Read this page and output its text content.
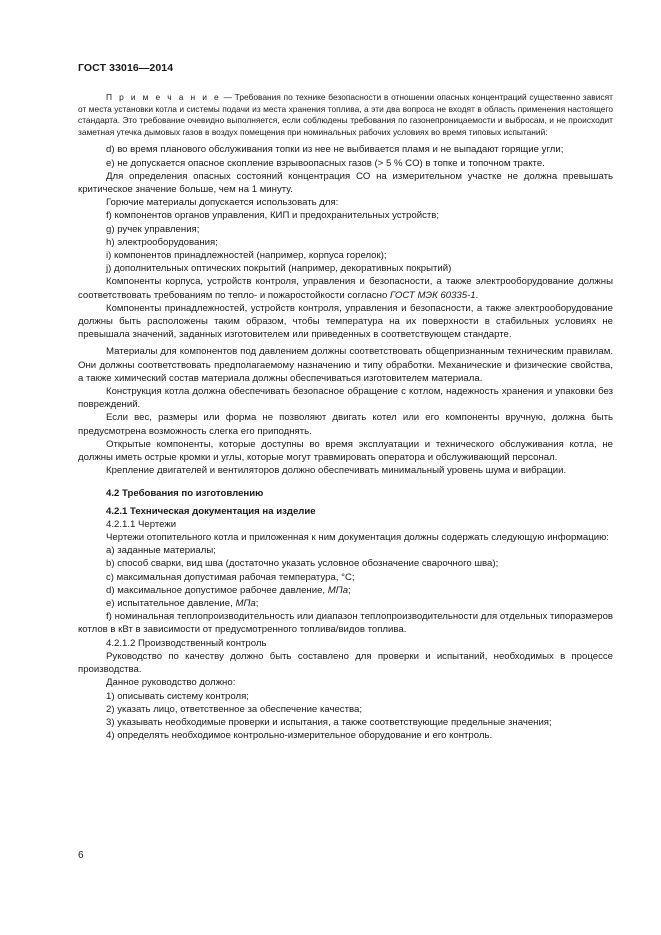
ГОСТ 33016—2014

П р и м е ч а н и е — Требования по технике безопасности в отношении опасных концентраций существенно зависят от места установки котла и системы подачи из места хранения топлива, а эти два вопроса не входят в область применения настоящего стандарта. Это требование очевидно выполняется, если соблюдены требования по газонепроницаемости и выбросам, и не происходит заметная утечка дымовых газов в воздух помещения при номинальных рабочих условиях во время типовых испытаний:

d) во время планового обслуживания топки из нее не выбивается пламя и не выпадают горящие угли;

e) не допускается опасное скопление взрывоопасных газов (> 5 % CO) в топке и топочном тракте.

Для определения опасных состояний концентрация CO на измерительном участке не должна превышать критическое значение больше, чем на 1 минуту.

Горючие материалы допускается использовать для:

f) компонентов органов управления, КИП и предохранительных устройств;

g) ручек управления;

h) электрооборудования;

i) компонентов принадлежностей (например, корпуса горелок);

j) дополнительных оптических покрытий (например, декоративных покрытий)

Компоненты корпуса, устройств контроля, управления и безопасности, а также электрооборудование должны соответствовать требованиям по тепло- и пожаростойкости согласно ГОСТ МЭК 60335-1.

Компоненты принадлежностей, устройств контроля, управления и безопасности, а также электрооборудование должны быть расположены таким образом, чтобы температура на их поверхности в стабильных условиях не превышала значений, заданных изготовителем или приведенных в соответствующем стандарте.

Материалы для компонентов под давлением должны соответствовать общепризнанным техническим правилам. Они должны соответствовать предполагаемому назначению и типу обработки. Механические и физические свойства, а также химический состав материала должны обеспечиваться изготовителем материала.

Конструкция котла должна обеспечивать безопасное обращение с котлом, надежность хранения и упаковки без повреждений.

Если вес, размеры или форма не позволяют двигать котел или его компоненты вручную, должна быть предусмотрена возможность слегка его приподнять.

Открытые компоненты, которые доступны во время эксплуатации и технического обслуживания котла, не должны иметь острые кромки и углы, которые могут травмировать оператора и обслуживающий персонал.

Крепление двигателей и вентиляторов должно обеспечивать минимальный уровень шума и вибрации.

4.2 Требования по изготовлению

4.2.1 Техническая документация на изделие

4.2.1.1 Чертежи

Чертежи отопительного котла и приложенная к ним документация должны содержать следующую информацию:

a) заданные материалы;

b) способ сварки, вид шва (достаточно указать условное обозначение сварочного шва);

c) максимальная допустимая рабочая температура, °C;

d) максимальное допустимое рабочее давление, МПа;

e) испытательное давление, МПа;

f) номинальная теплопроизводительность или диапазон теплопроизводительности для отдельных типоразмеров котлов в кВт в зависимости от предусмотренного топлива/видов топлива.

4.2.1.2 Производственный контроль

Руководство по качеству должно быть составлено для проверки и испытаний, необходимых в процессе производства.

Данное руководство должно:

1) описывать систему контроля;

2) указать лицо, ответственное за обеспечение качества;

3) указывать необходимые проверки и испытания, а также соответствующие предельные значения;

4) определять необходимое контрольно-измерительное оборудование и его контроль.

6
